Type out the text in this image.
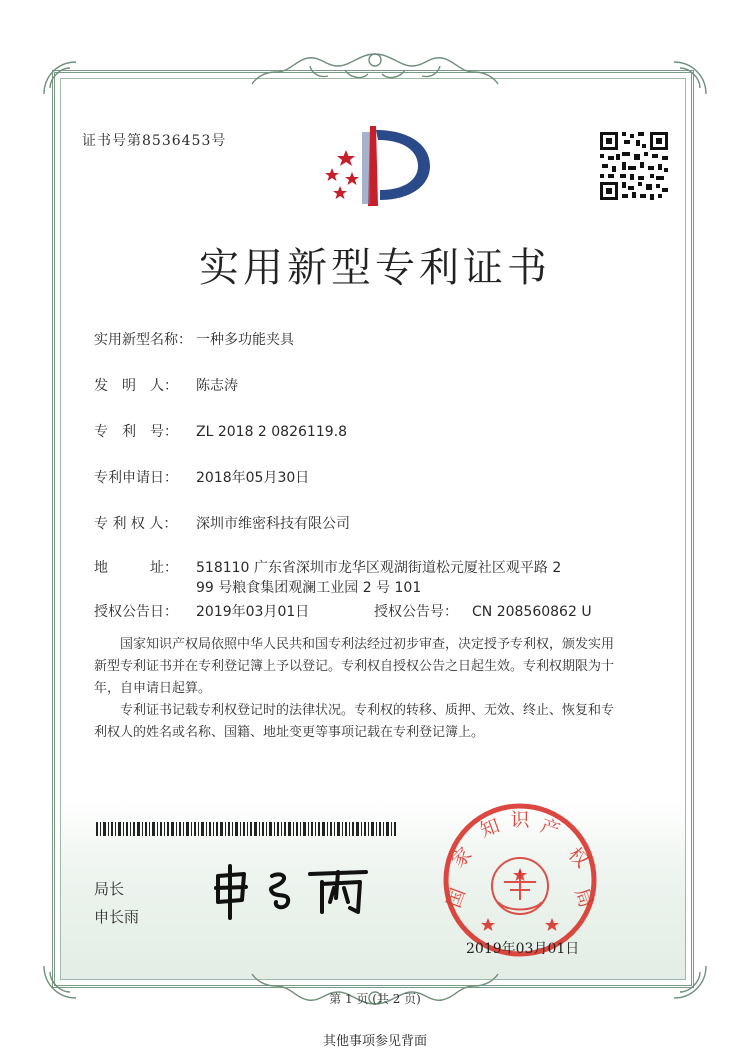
证书号第8536453号
实用新型专利证书
实用新型名称： 一种多功能夹具
发　明　人： 陈志涛
专　利　号： ZL 2018 2 0826119.8
专利申请日： 2018年05月30日
专 利 权 人： 深圳市维密科技有限公司
地　　　址： 518110 广东省深圳市龙华区观湖街道松元厦社区观平路 2
99 号粮食集团观澜工业园 2 号 101
授权公告日： 2019年03月01日	授权公告号： CN 208560862 U
国家知识产权局依照中华人民共和国专利法经过初步审查，决定授予专利权，颁发实用
新型专利证书并在专利登记簿上予以登记。专利权自授权公告之日起生效。专利权期限为十
年，自申请日起算。
专利证书记载专利权登记时的法律状况。专利权的转移、质押、无效、终止、恢复和专
利权人的姓名或名称、国籍、地址变更等事项记载在专利登记簿上。
局长
申长雨
国
家
知 识 产
权
局
2019年03月01日
第 1 页 (共 2 页)
其他事项参见背面
